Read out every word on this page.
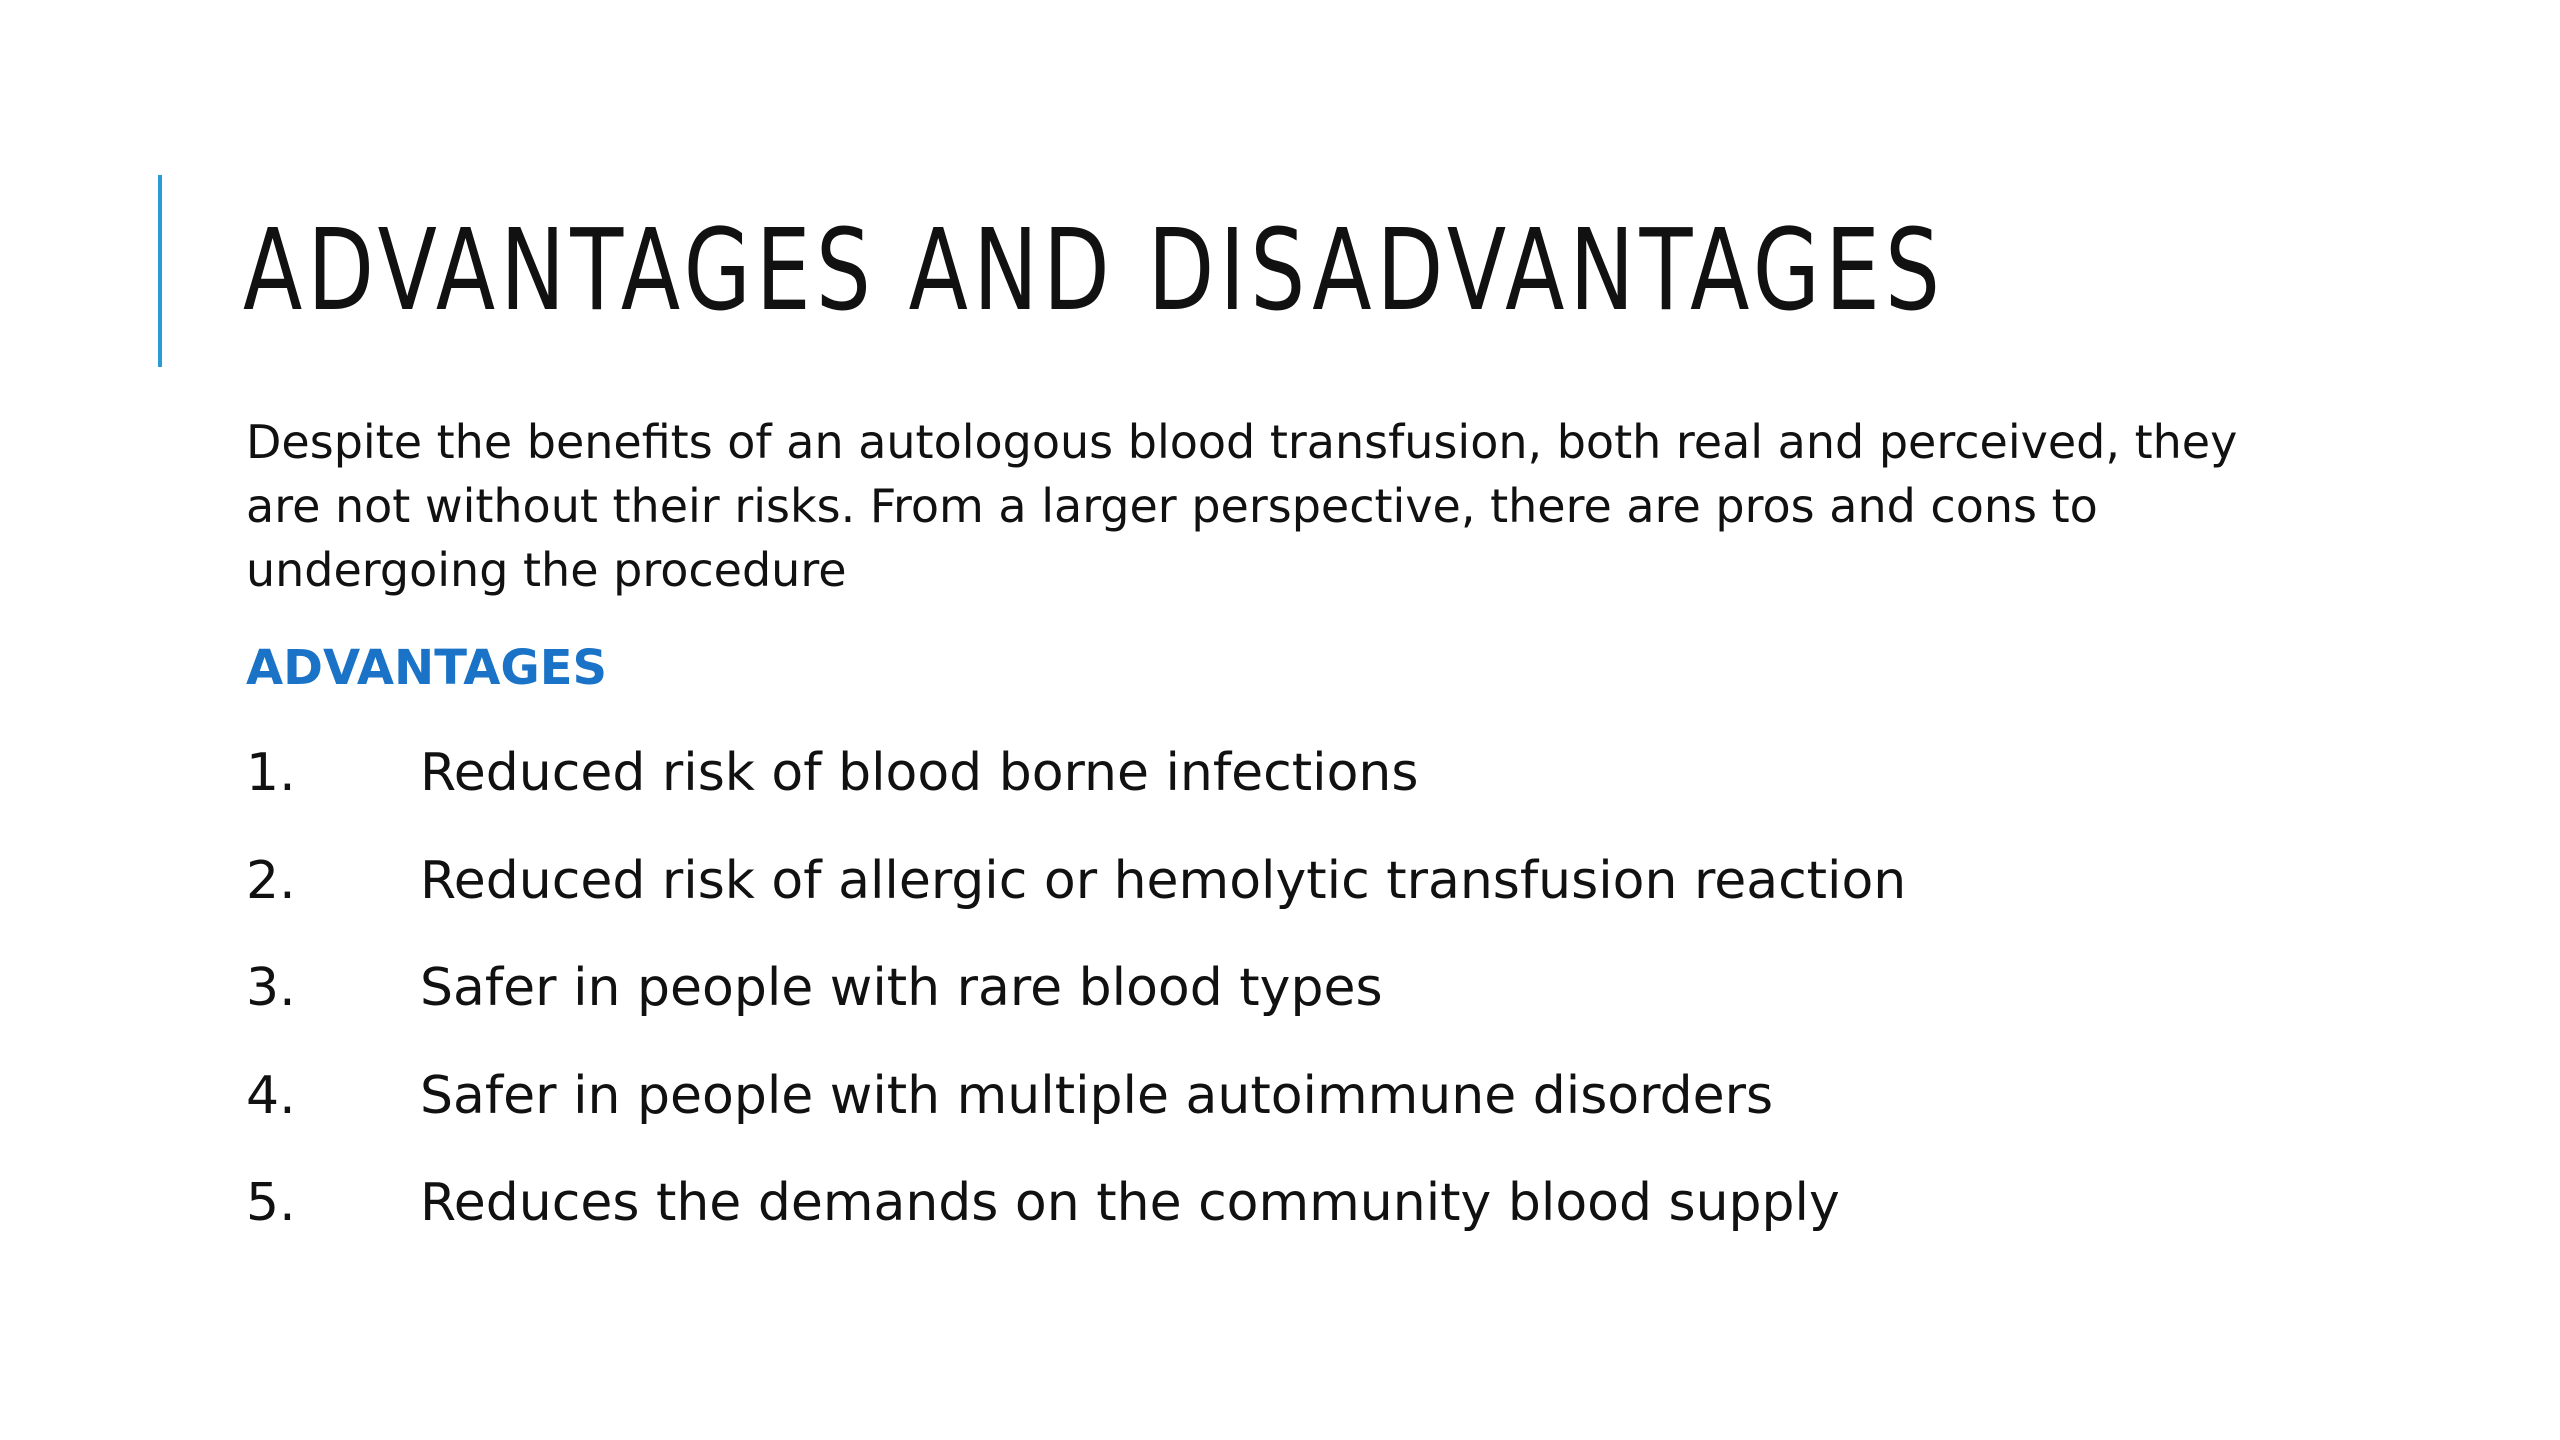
ADVANTAGES AND DISADVANTAGES

Despite the benefits of an autologous blood transfusion, both real and perceived, they are not without their risks. From a larger perspective, there are pros and cons to undergoing the procedure

ADVANTAGES
1.	Reduced risk of blood borne infections
2.	Reduced risk of allergic or hemolytic transfusion reaction
3.	Safer in people with rare blood types
4.	Safer in people with multiple autoimmune disorders
5.	Reduces the demands on the community blood supply
